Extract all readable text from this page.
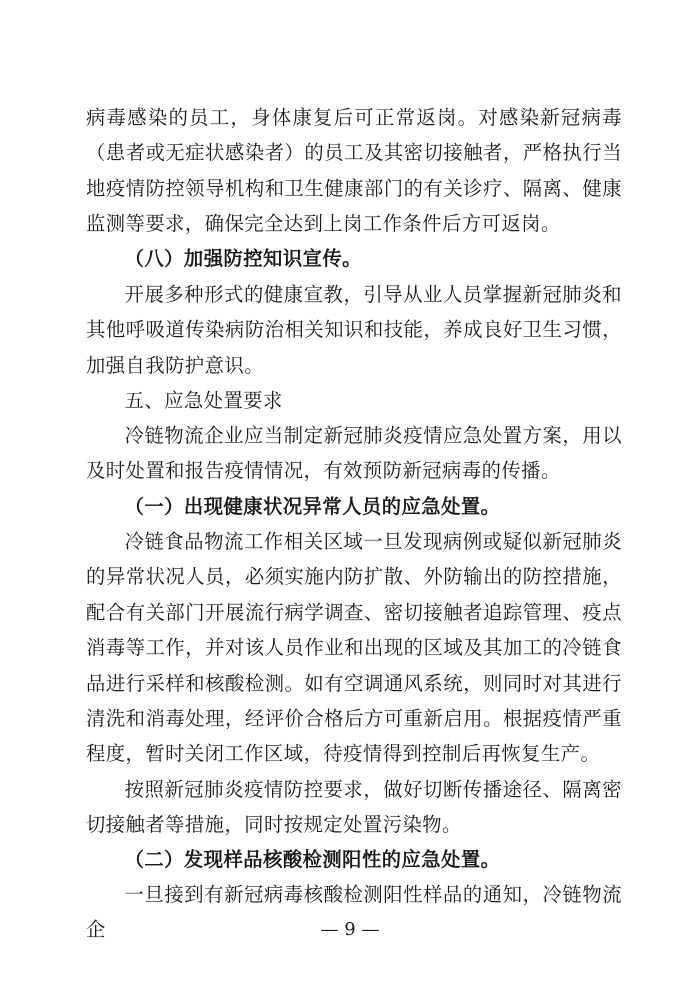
病毒感染的员工，身体康复后可正常返岗。对感染新冠病毒（患者或无症状感染者）的员工及其密切接触者，严格执行当地疫情防控领导机构和卫生健康部门的有关诊疗、隔离、健康监测等要求，确保完全达到上岗工作条件后方可返岗。

（八）加强防控知识宣传。

开展多种形式的健康宣教，引导从业人员掌握新冠肺炎和其他呼吸道传染病防治相关知识和技能，养成良好卫生习惯，加强自我防护意识。

五、应急处置要求

冷链物流企业应当制定新冠肺炎疫情应急处置方案，用以及时处置和报告疫情情况，有效预防新冠病毒的传播。

（一）出现健康状况异常人员的应急处置。

冷链食品物流工作相关区域一旦发现病例或疑似新冠肺炎的异常状况人员，必须实施内防扩散、外防输出的防控措施，配合有关部门开展流行病学调查、密切接触者追踪管理、疫点消毒等工作，并对该人员作业和出现的区域及其加工的冷链食品进行采样和核酸检测。如有空调通风系统，则同时对其进行清洗和消毒处理，经评价合格后方可重新启用。根据疫情严重程度，暂时关闭工作区域，待疫情得到控制后再恢复生产。

按照新冠肺炎疫情防控要求，做好切断传播途径、隔离密切接触者等措施，同时按规定处置污染物。

（二）发现样品核酸检测阳性的应急处置。

一旦接到有新冠病毒核酸检测阳性样品的通知，冷链物流企	— 9 —
